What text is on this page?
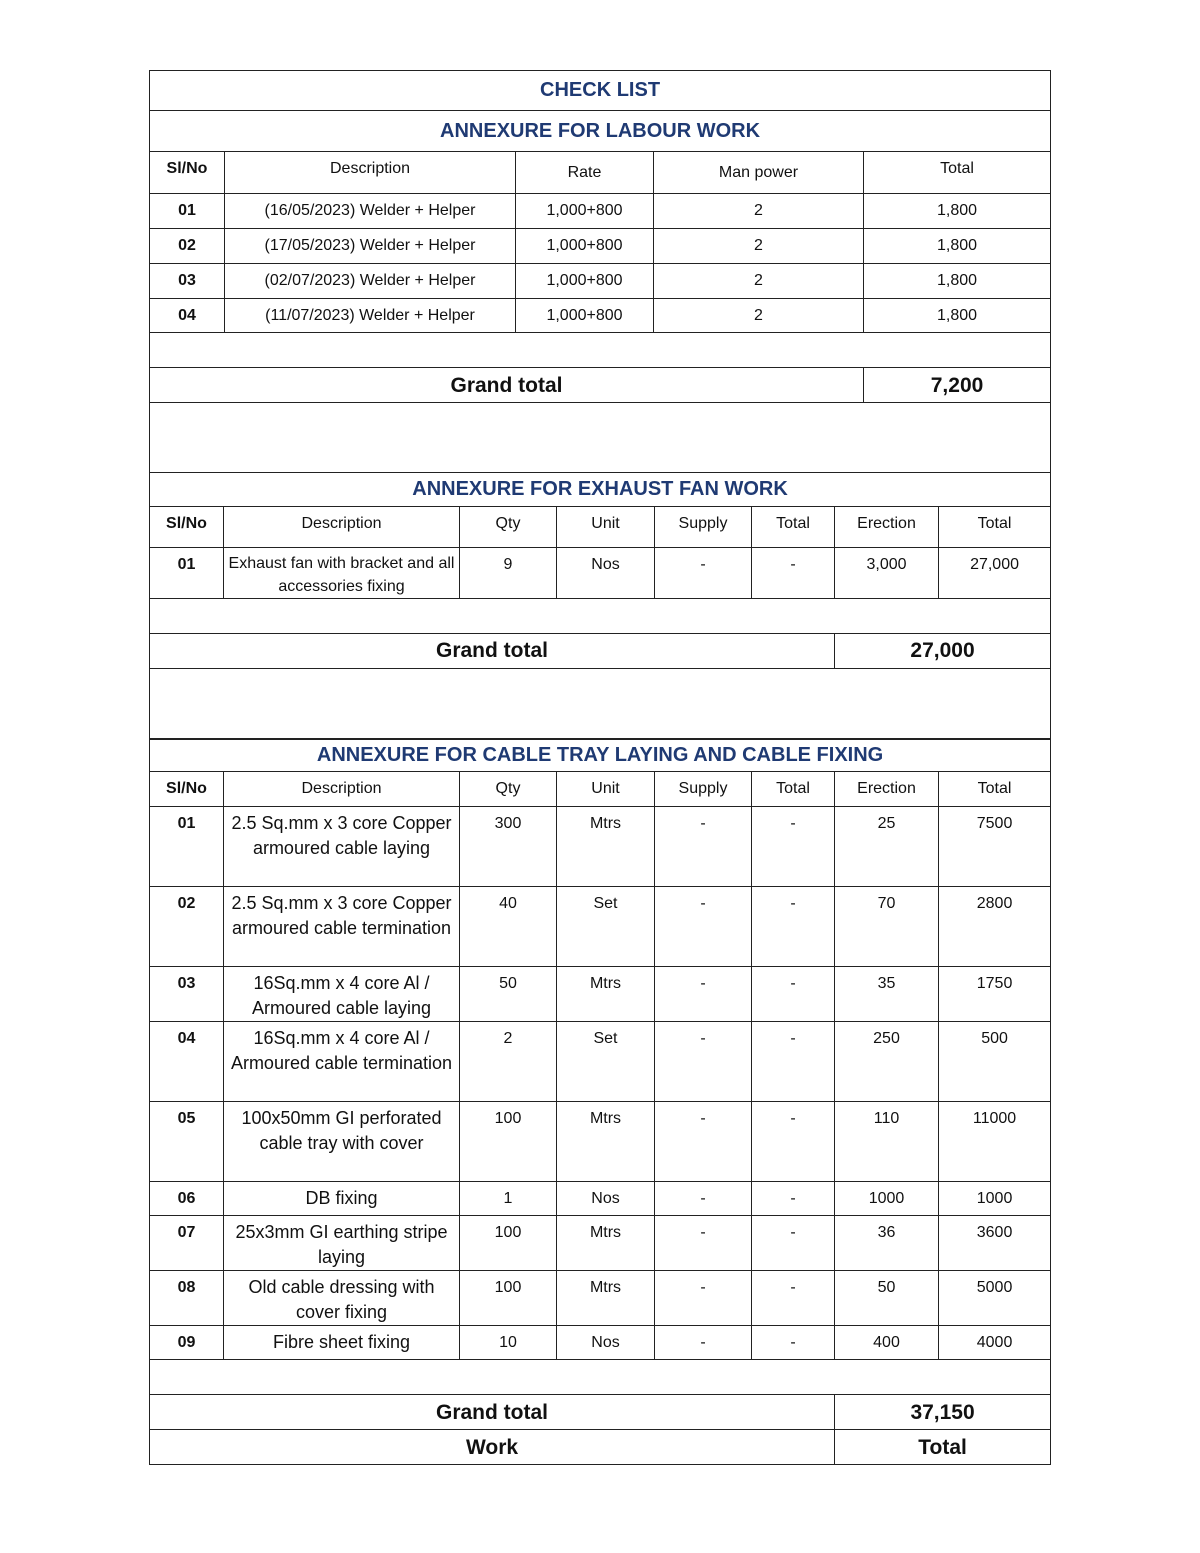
CHECK LIST				
ANNEXURE FOR LABOUR WORK				
Sl/No	Description	Rate	Man power	Total
01	(16/05/2023) Welder + Helper	1,000+800	2	1,800
02	(17/05/2023) Welder + Helper	1,000+800	2	1,800
03	(02/07/2023) Welder + Helper	1,000+800	2	1,800
04	(11/07/2023) Welder + Helper	1,000+800	2	1,800

Grand total				7,200

ANNEXURE FOR EXHAUST FAN WORK							
Sl/No	Description	Qty	Unit	Supply	Total	Erection	Total
01	Exhaust fan with bracket and all accessories fixing	9	Nos	-	-	3,000	27,000

Grand total						27,000	

ANNEXURE FOR CABLE TRAY LAYING AND CABLE FIXING							
Sl/No	Description	Qty	Unit	Supply	Total	Erection	Total
01	2.5 Sq.mm x 3 core Copper armoured cable laying	300	Mtrs	-	-	25	7500
02	2.5 Sq.mm x 3 core Copper armoured cable termination	40	Set	-	-	70	2800
03	16Sq.mm x 4 core Al / Armoured cable laying	50	Mtrs	-	-	35	1750
04	16Sq.mm x 4 core Al / Armoured cable termination	2	Set	-	-	250	500
05	100x50mm GI perforated cable tray with cover	100	Mtrs	-	-	110	11000
06	DB fixing	1	Nos	-	-	1000	1000
07	25x3mm GI earthing stripe laying	100	Mtrs	-	-	36	3600
08	Old cable dressing with cover fixing	100	Mtrs	-	-	50	5000
09	Fibre sheet fixing	10	Nos	-	-	400	4000

Grand total						37,150	
Work						Total	
